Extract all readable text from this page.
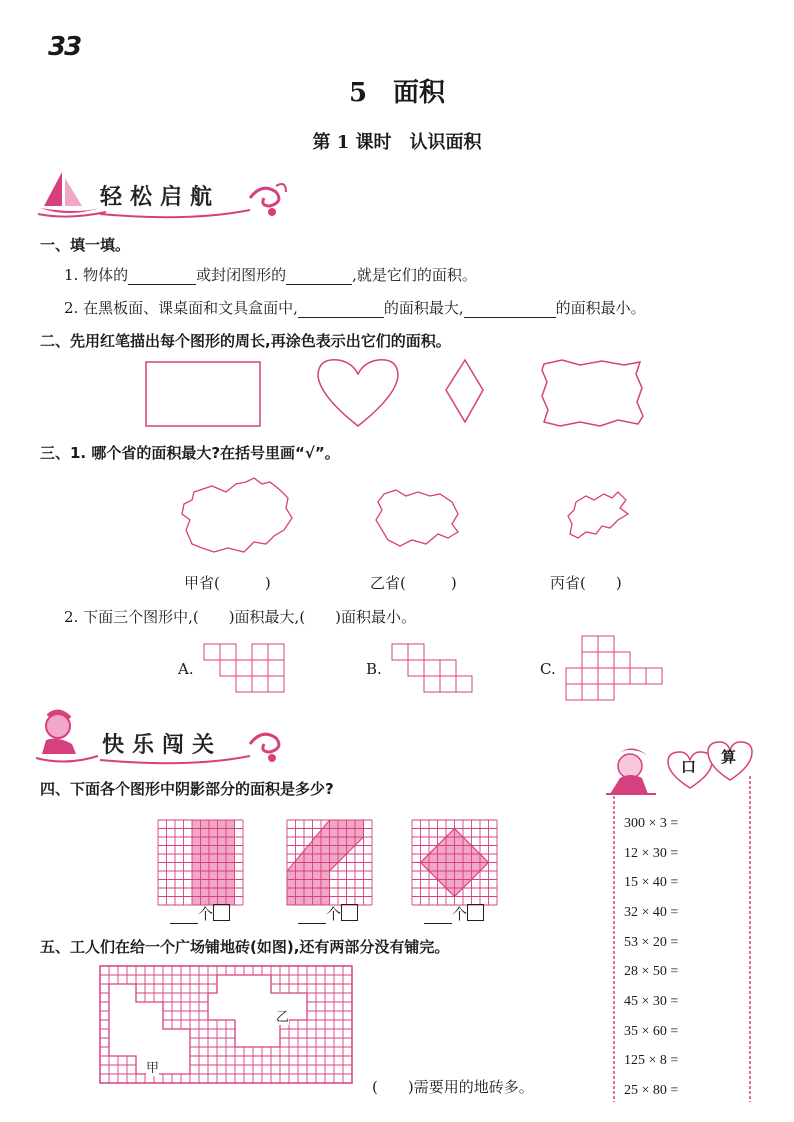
33
5　面积
第 1 课时　认识面积
轻松启航
一、填一填。
1. 物体的	或封闭图形的	,就是它们的面积。
2. 在黑板面、课桌面和文具盒面中,	的面积最大,	的面积最小。
二、先用红笔描出每个图形的周长,再涂色表示出它们的面积。
三、1. 哪个省的面积最大?在括号里画“√”。
甲省(　　　)	乙省(　　　)	丙省(　　)
2. 下面三个图形中,(　　)面积最大,(　　)面积最小。
A.	B.	C.
快乐闯关
四、下面各个图形中阴影部分的面积是多少?
个	个	个
五、工人们在给一个广场铺地砖(如图),还有两部分没有铺完。
甲
乙
(　　)需要用的地砖多。
口
算
300 × 3 =
12 × 30 =
15 × 40 =
32 × 40 =
53 × 20 =
28 × 50 =
45 × 30 =
35 × 60 =
125 × 8 =
25 × 80 =
